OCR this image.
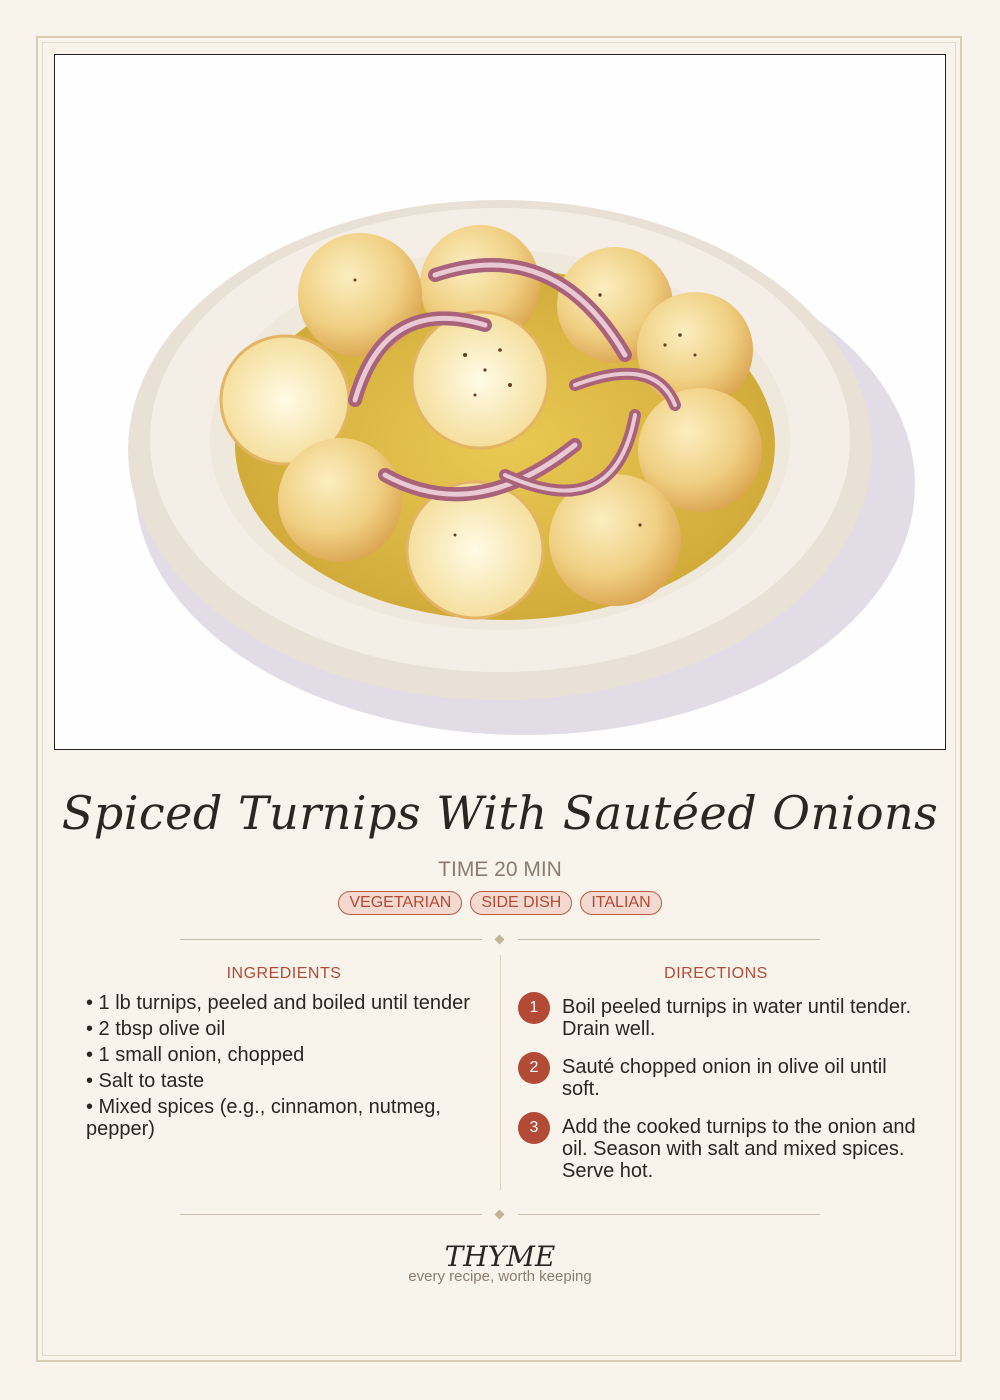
Spiced Turnips With Sautéed Onions
TIME 20 MIN
VEGETARIAN	SIDE DISH	ITALIAN
INGREDIENTS
• 1 lb turnips, peeled and boiled until tender
• 2 tbsp olive oil
• 1 small onion, chopped
• Salt to taste
• Mixed spices (e.g., cinnamon, nutmeg, pepper)
DIRECTIONS
1	Boil peeled turnips in water until tender. Drain well.
2	Sauté chopped onion in olive oil until soft.
3	Add the cooked turnips to the onion and oil. Season with salt and mixed spices. Serve hot.
THYME
every recipe, worth keeping
